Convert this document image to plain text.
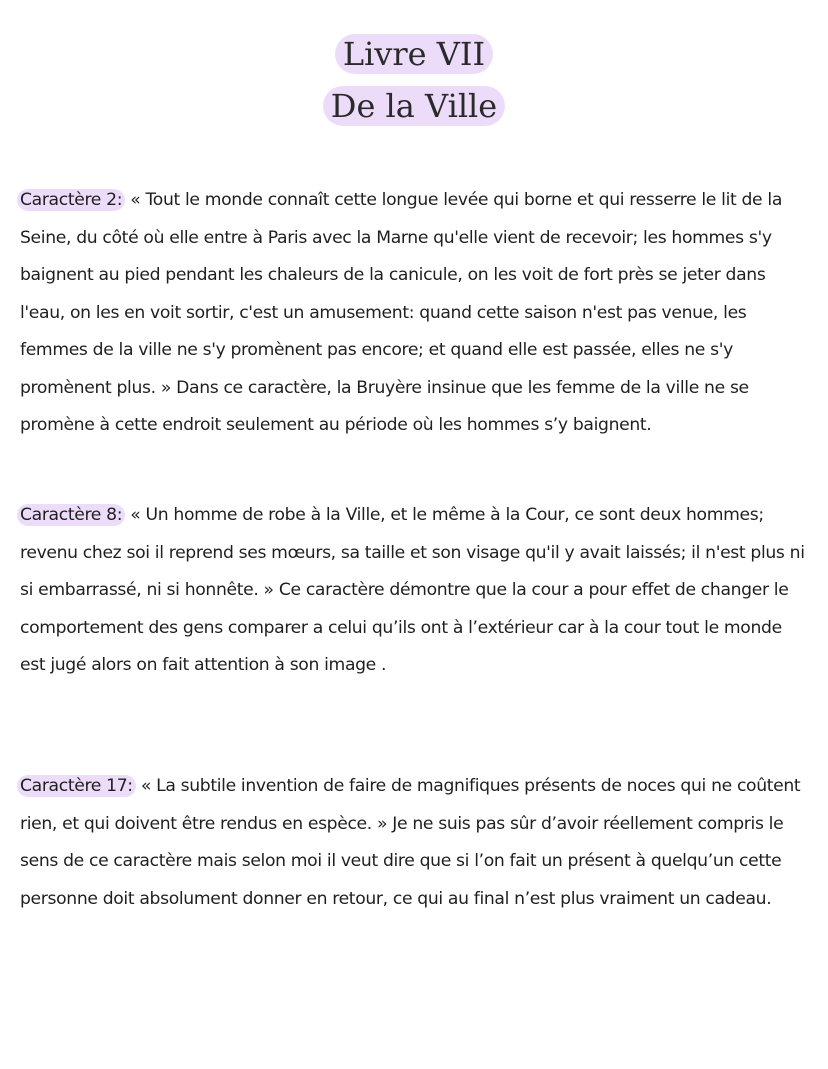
Livre VII
De la Ville

Caractère 2: « Tout le monde connaît cette longue levée qui borne et qui resserre le lit de la Seine, du côté où elle entre à Paris avec la Marne qu'elle vient de recevoir; les hommes s'y baignent au pied pendant les chaleurs de la canicule, on les voit de fort près se jeter dans l'eau, on les en voit sortir, c'est un amusement: quand cette saison n'est pas venue, les femmes de la ville ne s'y promènent pas encore; et quand elle est passée, elles ne s'y promènent plus. » Dans ce caractère, la Bruyère insinue que les femme de la ville ne se promène à cette endroit seulement au période où les hommes s’y baignent.

Caractère 8: « Un homme de robe à la Ville, et le même à la Cour, ce sont deux hommes; revenu chez soi il reprend ses mœurs, sa taille et son visage qu'il y avait laissés; il n'est plus ni si embarrassé, ni si honnête. » Ce caractère démontre que la cour a pour effet de changer le comportement des gens comparer a celui qu’ils ont à l’extérieur car à la cour tout le monde est jugé alors on fait attention à son image .

Caractère 17: « La subtile invention de faire de magnifiques présents de noces qui ne coûtent rien, et qui doivent être rendus en espèce. » Je ne suis pas sûr d’avoir réellement compris le sens de ce caractère mais selon moi il veut dire que si l’on fait un présent à quelqu’un cette personne doit absolument donner en retour, ce qui au final n’est plus vraiment un cadeau.
